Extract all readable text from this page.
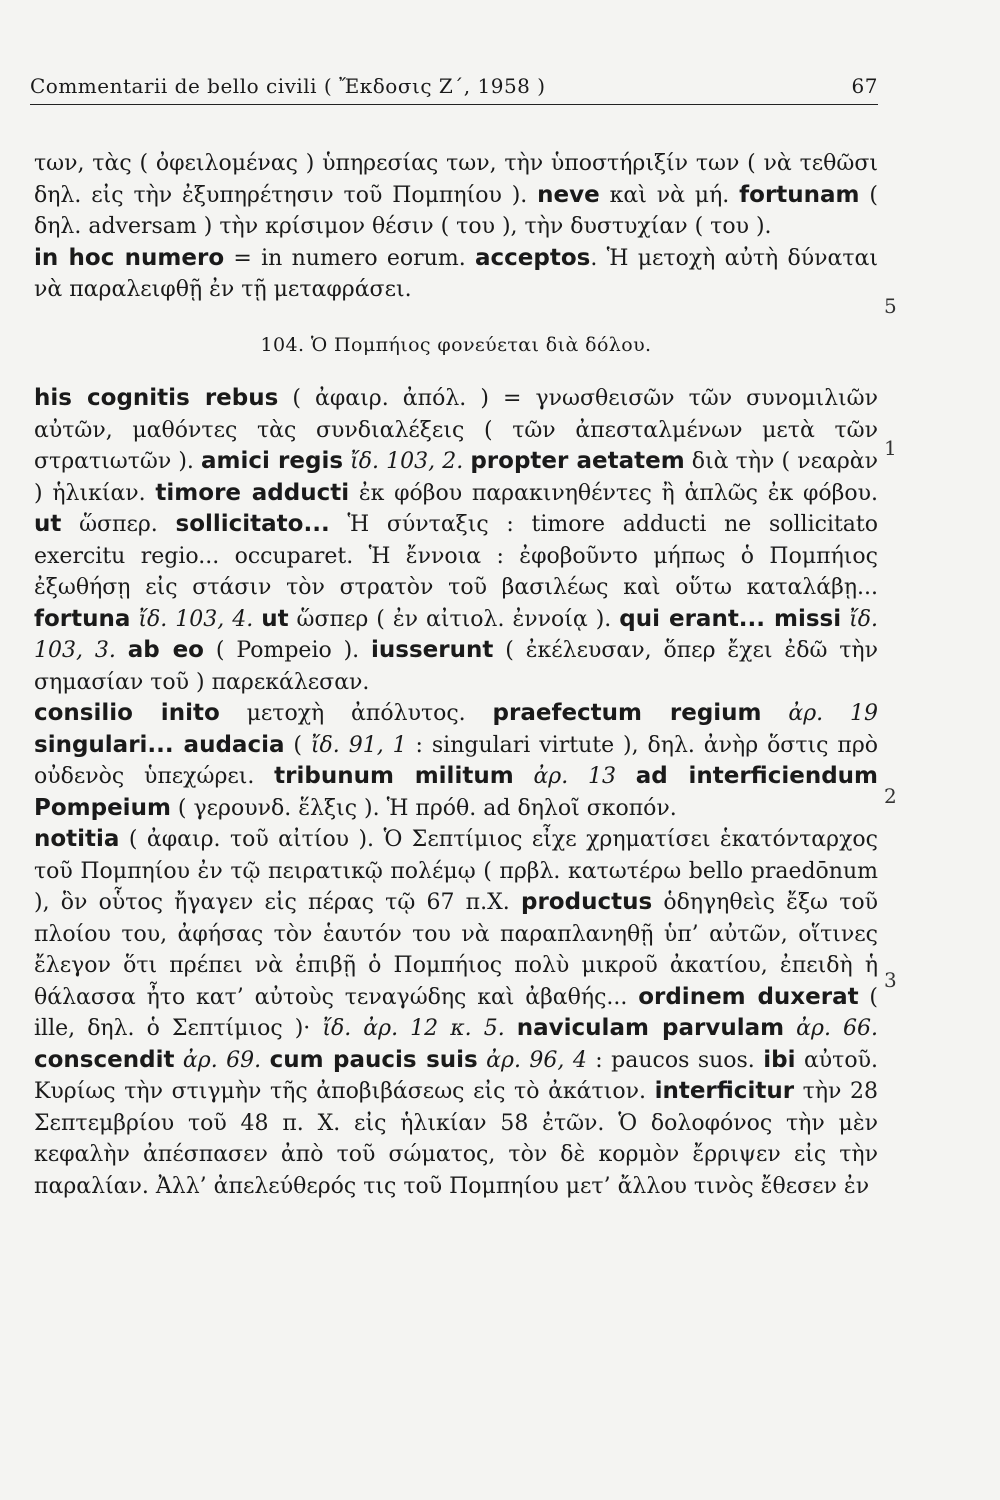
Commentarii de bello civili ( Ἔκδοσις Ζ΄, 1958 )	67

των, τὰς ( ὀφειλομένας ) ὑπηρεσίας των, τὴν ὑποστήριξίν των ( νὰ τεθῶσι δηλ. εἰς τὴν ἐξυπηρέτησιν τοῦ Πομπηίου ). neve καὶ νὰ μή. fortunam ( δηλ. adversam ) τὴν κρίσιμον θέσιν ( του ), τὴν δυστυχίαν ( του ).

in hoc numero = in numero eorum. acceptos. Ἡ μετοχὴ αὐτὴ δύναται νὰ παραλειφθῇ ἐν τῇ μεταφράσει.

104. Ὁ Πομπήιος φονεύεται διὰ δόλου.

his cognitis rebus ( ἀφαιρ. ἀπόλ. ) = γνωσθεισῶν τῶν συνομιλιῶν αὐτῶν, μαθόντες τὰς συνδιαλέξεις ( τῶν ἀπεσταλμένων μετὰ τῶν στρατιωτῶν ). amici regis ἴδ. 103, 2. propter aetatem διὰ τὴν ( νεαρὰν ) ἡλικίαν. timore adducti ἐκ φόβου παρακινηθέντες ἢ ἁπλῶς ἐκ φόβου. ut ὥσπερ. sollicitato... Ἡ σύνταξις : timore adducti ne sollicitato exercitu regio... occuparet. Ἡ ἔννοια : ἐφοβοῦντο μήπως ὁ Πομπήιος ἐξωθήσῃ εἰς στάσιν τὸν στρατὸν τοῦ βασιλέως καὶ οὕτω καταλάβῃ... fortuna ἴδ. 103, 4. ut ὥσπερ ( ἐν αἰτιολ. ἐννοίᾳ ). qui erant... missi ἴδ. 103, 3. ab eo ( Pompeio ). iusserunt ( ἐκέλευσαν, ὅπερ ἔχει ἐδῶ τὴν σημασίαν τοῦ ) παρεκάλεσαν.
consilio inito μετοχὴ ἀπόλυτος. praefectum regium ἀρ. 19 singulari... audacia ( ἴδ. 91, 1 : singulari virtute ), δηλ. ἀνὴρ ὅστις πρὸ οὐδενὸς ὑπεχώρει. tribunum militum ἀρ. 13 ad interficiendum Pompeium ( γερουνδ. ἕλξις ). Ἡ πρόθ. ad δηλοῖ σκοπόν.

notitia ( ἀφαιρ. τοῦ αἰτίου ). Ὁ Σεπτίμιος εἶχε χρηματίσει ἑκατόνταρχος τοῦ Πομπηίου ἐν τῷ πειρατικῷ πολέμῳ ( πρβλ. κατωτέρω bello praedōnum ), ὃν οὗτος ἤγαγεν εἰς πέρας τῷ 67 π.Χ. productus ὁδηγηθεὶς ἔξω τοῦ πλοίου του, ἀφήσας τὸν ἑαυτόν του νὰ παραπλανηθῇ ὑπ’ αὐτῶν, οἵτινες ἔλεγον ὅτι πρέπει νὰ ἐπιβῇ ὁ Πομπήιος πολὺ μικροῦ ἀκατίου, ἐπειδὴ ἡ θάλασσα ἦτο κατ’ αὐτοὺς τεναγώδης καὶ ἀβαθής... ordinem duxerat ( ille, δηλ. ὁ Σεπτίμιος )· ἴδ. ἀρ. 12 κ. 5. naviculam parvulam ἀρ. 66. conscendit ἀρ. 69. cum paucis suis ἀρ. 96, 4 : paucos suos. ibi αὐτοῦ. Κυρίως τὴν στιγμὴν τῆς ἀποβιβάσεως εἰς τὸ ἀκάτιον. interficitur τὴν 28 Σεπτεμβρίου τοῦ 48 π. Χ. εἰς ἡλικίαν 58 ἐτῶν. Ὁ δολοφόνος τὴν μὲν κεφαλὴν ἀπέσπασεν ἀπὸ τοῦ σώματος, τὸν δὲ κορμὸν ἔρριψεν εἰς τὴν παραλίαν. Ἀλλ’ ἀπελεύθερός τις τοῦ Πομπηίου μετ’ ἄλλου τινὸς ἔθεσεν ἐν

5
1
2
3
